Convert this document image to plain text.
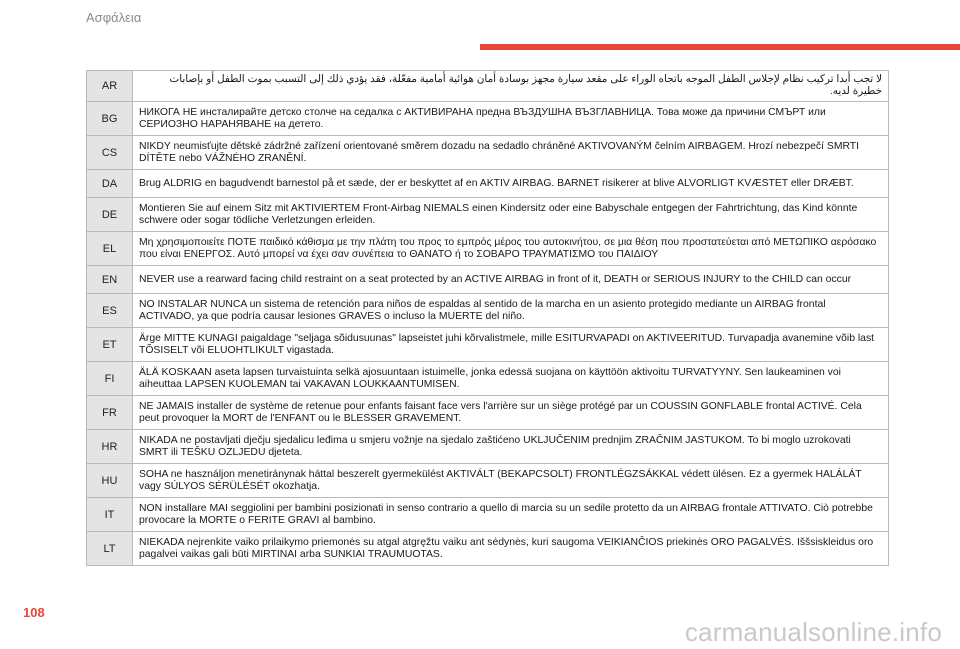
Ασφάλεια
AR	لا تجب أبدا تركيب نظام لإجلاس الطفل الموجه باتجاه الوراء على مقعد سيارة مجهز بوسادة أمان هوائية أمامية مفعّلة، فقد يؤدي ذلك إلى التسبب بموت الطفل أو بإصابات خطيرة لديه.
BG	НИКОГА НЕ инсталирайте детско столче на седалка с АКТИВИРАНА предна ВЪЗДУШНА ВЪЗГЛАВНИЦА. Това може да причини СМЪРТ или СЕРИОЗНО НАРАНЯВАНЕ на детето.
CS	NIKDY neumisťujte dětské zádržné zařízení orientované směrem dozadu na sedadlo chráněné AKTIVOVANÝM čelním AIRBAGEM. Hrozí nebezpečí SMRTI DÍTĚTE nebo VÁŽNÉHO ZRANĚNÍ.
DA	Brug ALDRIG en bagudvendt barnestol på et sæde, der er beskyttet af en AKTIV AIRBAG. BARNET risikerer at blive ALVORLIGT KVÆSTET eller DRÆBT.
DE	Montieren Sie auf einem Sitz mit AKTIVIERTEM Front-Airbag NIEMALS einen Kindersitz oder eine Babyschale entgegen der Fahrtrichtung, das Kind könnte schwere oder sogar tödliche Verletzungen erleiden.
EL	Μη χρησιμοποιείτε ΠΟΤΕ παιδικό κάθισμα με την πλάτη του προς το εμπρός μέρος του αυτοκινήτου, σε μια θέση που προστατεύεται από ΜΕΤΩΠΙΚΟ αερόσακο που είναι ΕΝΕΡΓΟΣ. Αυτό μπορεί να έχει σαν συνέπεια το ΘΑΝΑΤΟ ή το ΣΟΒΑΡΟ ΤΡΑΥΜΑΤΙΣΜΟ του ΠΑΙΔΙΟΥ
EN	NEVER use a rearward facing child restraint on a seat protected by an ACTIVE AIRBAG in front of it, DEATH or SERIOUS INJURY to the CHILD can occur
ES	NO INSTALAR NUNCA un sistema de retención para niños de espaldas al sentido de la marcha en un asiento protegido mediante un AIRBAG frontal ACTIVADO, ya que podría causar lesiones GRAVES o incluso la MUERTE del niño.
ET	Ärge MITTE KUNAGI paigaldage "seljaga sõidusuunas" lapseistet juhi kõrvalistmele, mille ESITURVAPADI on AKTIVEERITUD. Turvapadja avanemine võib last TÕSISELT või ELUOHTLIKULT vigastada.
FI	ÄLÄ KOSKAAN aseta lapsen turvaistuinta selkä ajosuuntaan istuimelle, jonka edessä suojana on käyttöön aktivoitu TURVATYYNY. Sen laukeaminen voi aiheuttaa LAPSEN KUOLEMAN tai VAKAVAN LOUKKAANTUMISEN.
FR	NE JAMAIS installer de système de retenue pour enfants faisant face vers l'arrière sur un siège protégé par un COUSSIN GONFLABLE frontal ACTIVÉ. Cela peut provoquer la MORT de l'ENFANT ou le BLESSER GRAVEMENT.
HR	NIKADA ne postavljati dječju sjedalicu leđima u smjeru vožnje na sjedalo zaštićeno UKLJUČENIM prednjim ZRAČNIM JASTUKOM. To bi moglo uzrokovati SMRT ili TEŠKU OZLJEDU djeteta.
HU	SOHA ne használjon menetiránynak háttal beszerelt gyermekülést AKTIVÁLT (BEKAPCSOLT) FRONTLÉGZSÁKKAL védett ülésen. Ez a gyermek HALÁLÁT vagy SÚLYOS SÉRÜLÉSÉT okozhatja.
IT	NON installare MAI seggiolini per bambini posizionati in senso contrario a quello di marcia su un sedile protetto da un AIRBAG frontale ATTIVATO. Ciò potrebbe provocare la MORTE o FERITE GRAVI al bambino.
LT	NIEKADA nejrenkite vaiko prilaikymo priemonės su atgal atgręžtu vaiku ant sėdynės, kuri saugoma VEIKIANČIOS priekinės ORO PAGALVĖS. Iššsiskleidus oro pagalvei vaikas gali būti MIRTINAI arba SUNKIAI TRAUMUOTAS.
108
carmanualsonline.info
